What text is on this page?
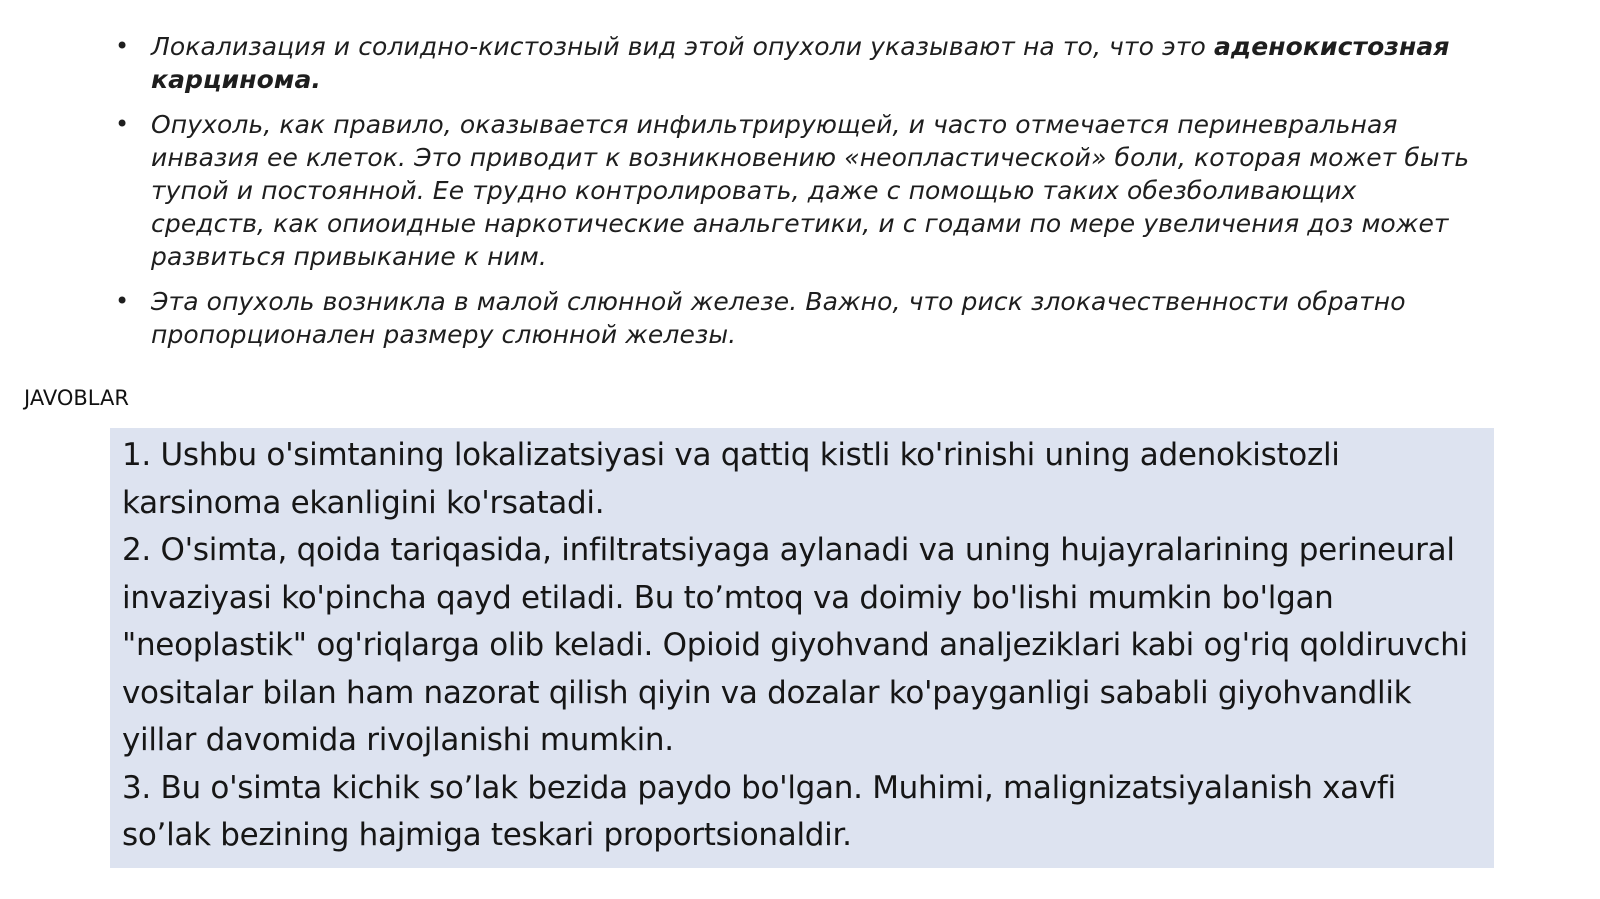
• Локализация и солидно-кистозный вид этой опухоли указывают на то, что это аденокистозная карцинома.
• Опухоль, как правило, оказывается инфильтрирующей, и часто отмечается периневральная инвазия ее клеток. Это приводит к возникновению «неопластической» боли, которая может быть тупой и постоянной. Ее трудно контролировать, даже с помощью таких обезболивающих средств, как опиоидные наркотические анальгетики, и с годами по мере увеличения доз может развиться привыкание к ним.
• Эта опухоль возникла в малой слюнной железе. Важно, что риск злокачественности обратно пропорционален размеру слюнной железы.
JAVOBLAR

1. Ushbu o'simtaning lokalizatsiyasi va qattiq kistli ko'rinishi uning adenokistozli karsinoma ekanligini ko'rsatadi.

2. O'simta, qoida tariqasida, infiltratsiyaga aylanadi va uning hujayralarining perineural invaziyasi ko'pincha qayd etiladi. Bu to’mtoq va doimiy bo'lishi mumkin bo'lgan "neoplastik" og'riqlarga olib keladi. Opioid giyohvand analjeziklari kabi og'riq qoldiruvchi vositalar bilan ham nazorat qilish qiyin va dozalar ko'payganligi sababli giyohvandlik yillar davomida rivojlanishi mumkin.

3. Bu o'simta kichik so’lak bezida paydo bo'lgan. Muhimi, malignizatsiyalanish xavfi so’lak bezining hajmiga teskari proportsionaldir.
